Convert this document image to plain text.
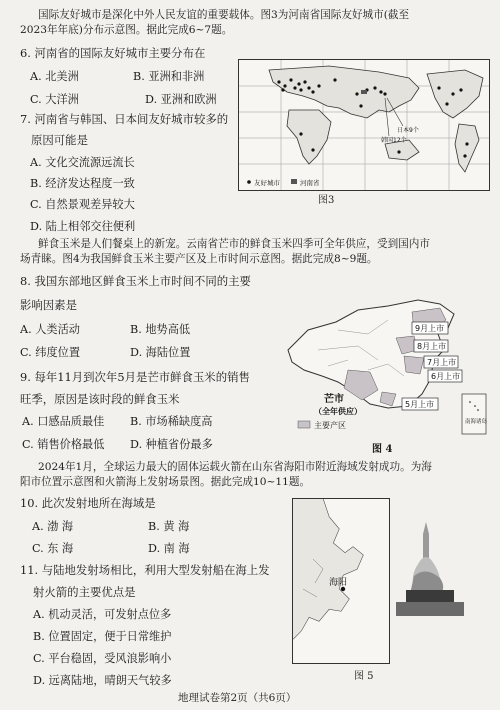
国际友好城市是深化中外人民友谊的重要载体。图3为河南省国际友好城市(截至
2023年年底)分布示意图。据此完成6~7题。
6. 河南省的国际友好城市主要分布在
A. 北美洲	B. 亚洲和非洲
C. 大洋洲	D. 亚洲和欧洲
7. 河南省与韩国、日本间友好城市较多的
原因可能是
A. 文化交流源远流长
B. 经济发达程度一致
C. 自然景观差异较大
D. 陆上相邻交往便利
日本9个
韩国12个
友好城市	河南省
图3
鲜食玉米是人们餐桌上的新宠。云南省芒市的鲜食玉米四季可全年供应，受到国内市
场青睐。图4为我国鲜食玉米主要产区及上市时间示意图。据此完成8~9题。
8. 我国东部地区鲜食玉米上市时间不同的主要
影响因素是
A. 人类活动	B. 地势高低
C. 纬度位置	D. 海陆位置
9. 每年11月到次年5月是芒市鲜食玉米的销售
旺季，原因是该时段的鲜食玉米
A. 口感品质最佳 B. 市场稀缺度高
C. 销售价格最低 D. 种植省份最多
9月上市
8月上市
7月上市
6月上市
5月上市
芒市
（全年供应）
主要产区	南海诸岛
图 4
2024年1月，全球运力最大的固体运载火箭在山东省海阳市附近海域发射成功。为海
阳市位置示意图和火箭海上发射场景图。据此完成10~11题。
10. 此次发射地所在海域是
A. 渤 海	B. 黄 海
C. 东 海	D. 南 海
11. 与陆地发射场相比，利用大型发射船在海上发
射火箭的主要优点是
A. 机动灵活，可发射点位多
B. 位置固定，便于日常维护
C. 平台稳固，受风浪影响小
D. 远离陆地，晴朗天气较多
海阳
图 5
地理试卷第2页（共6页）
